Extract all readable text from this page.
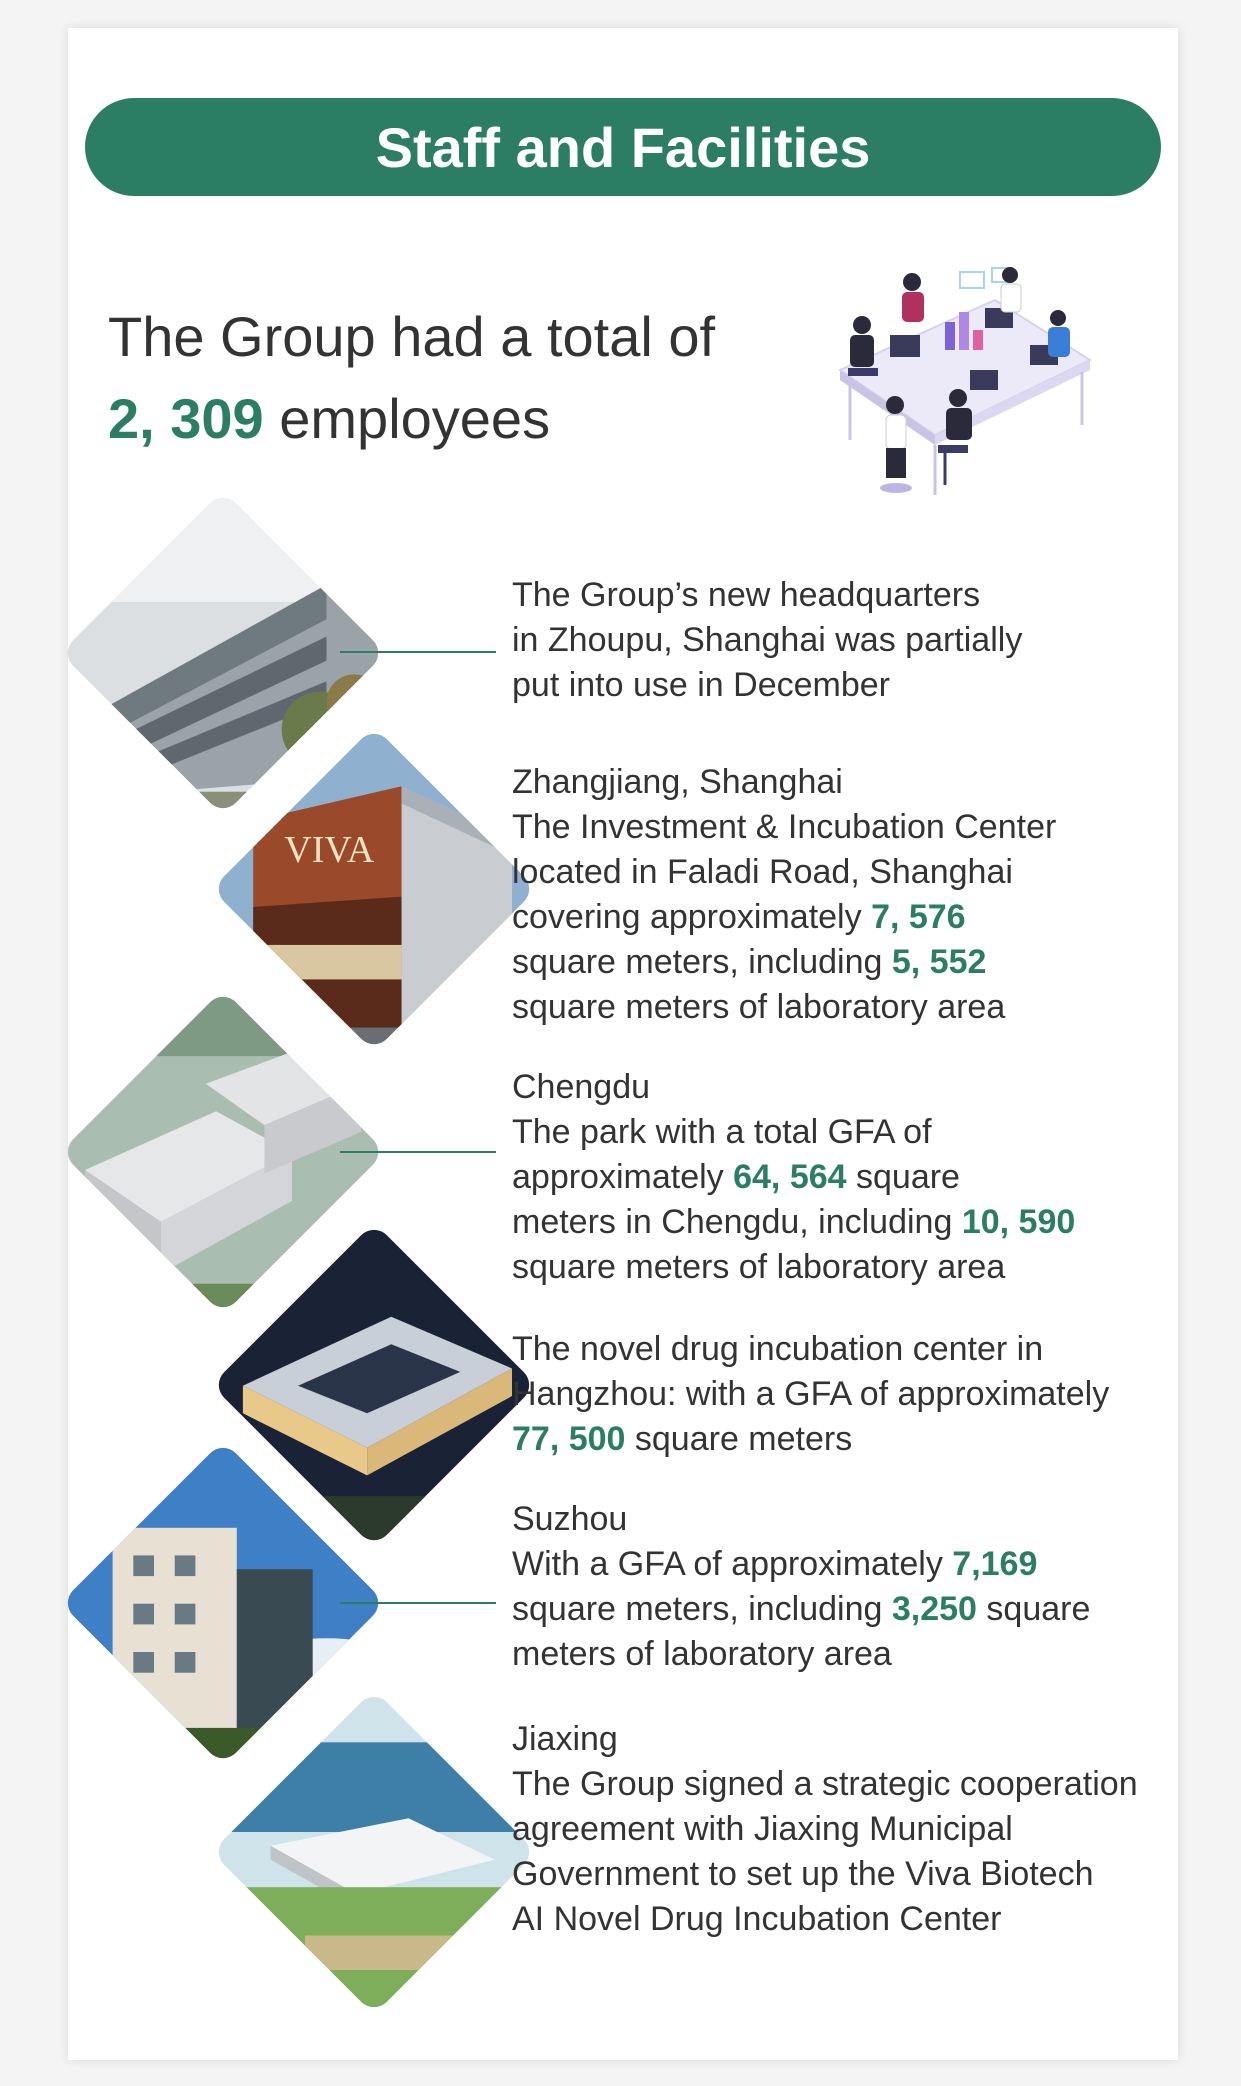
Staff and Facilities
The Group had a total of
2, 309 employees
The Group’s new headquarters
in Zhoupu, Shanghai was partially
put into use in December
VIVA
Zhangjiang, Shanghai
The Investment & Incubation Center
located in Faladi Road, Shanghai
covering approximately 7, 576
square meters, including 5, 552
square meters of laboratory area
Chengdu
The park with a total GFA of
approximately 64, 564 square
meters in Chengdu, including 10, 590
square meters of laboratory area
The novel drug incubation center in
Hangzhou: with a GFA of approximately
77, 500 square meters
Suzhou
With a GFA of approximately 7,169
square meters, including 3,250 square
meters of laboratory area
Jiaxing
The Group signed a strategic cooperation
agreement with Jiaxing Municipal
Government to set up the Viva Biotech
AI Novel Drug Incubation Center
